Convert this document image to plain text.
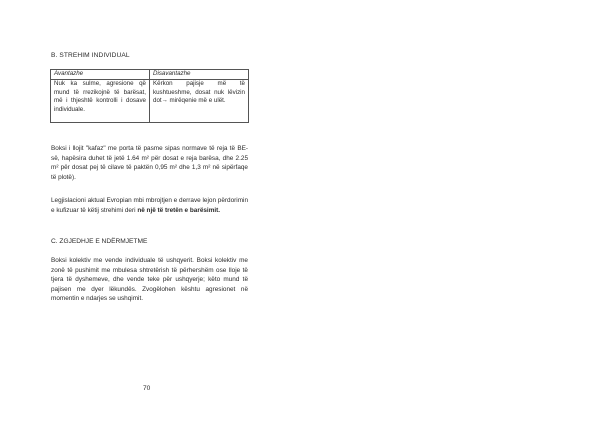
B. STREHIM INDIVIDUAL
Avantazhe	Disavantazhe
Nuk ka sulme, agresione që mund të rrezikojnë të barësat, më i thjeshtë kontrolli i dosave individuale.	Kërkon pajisje më të kushtueshme, dosat nuk lëvizin dot→ mirëqenie më e ulët.
Boksi i llojit "kafaz" me porta të pasme sipas normave të reja të BE-së, hapësira duhet të jetë 1.64 m² për dosat e reja barësa, dhe 2.25 m² për dosat pej të cilave të paktën 0,95 m² dhe 1,3 m² në sipërfaqe të plotë).
Legjislacioni aktual Evropian mbi mbrojtjen e derrave lejon përdorimin e kufizuar të këtij strehimi deri në një të tretën e barësimit.
C. ZGJEDHJE E NDËRMJETME
Boksi kolektiv me vende individuale të ushqyerit. Boksi kolektiv me zonë të pushimit me mbulesa shtretërish të përhershëm ose lloje të tjera të dyshemeve, dhe vende teke për ushqyerje; këto mund të pajisen me dyer lëkundës. Zvogëlohen kështu agresionet në momentin e ndarjes se ushqimit.
70
